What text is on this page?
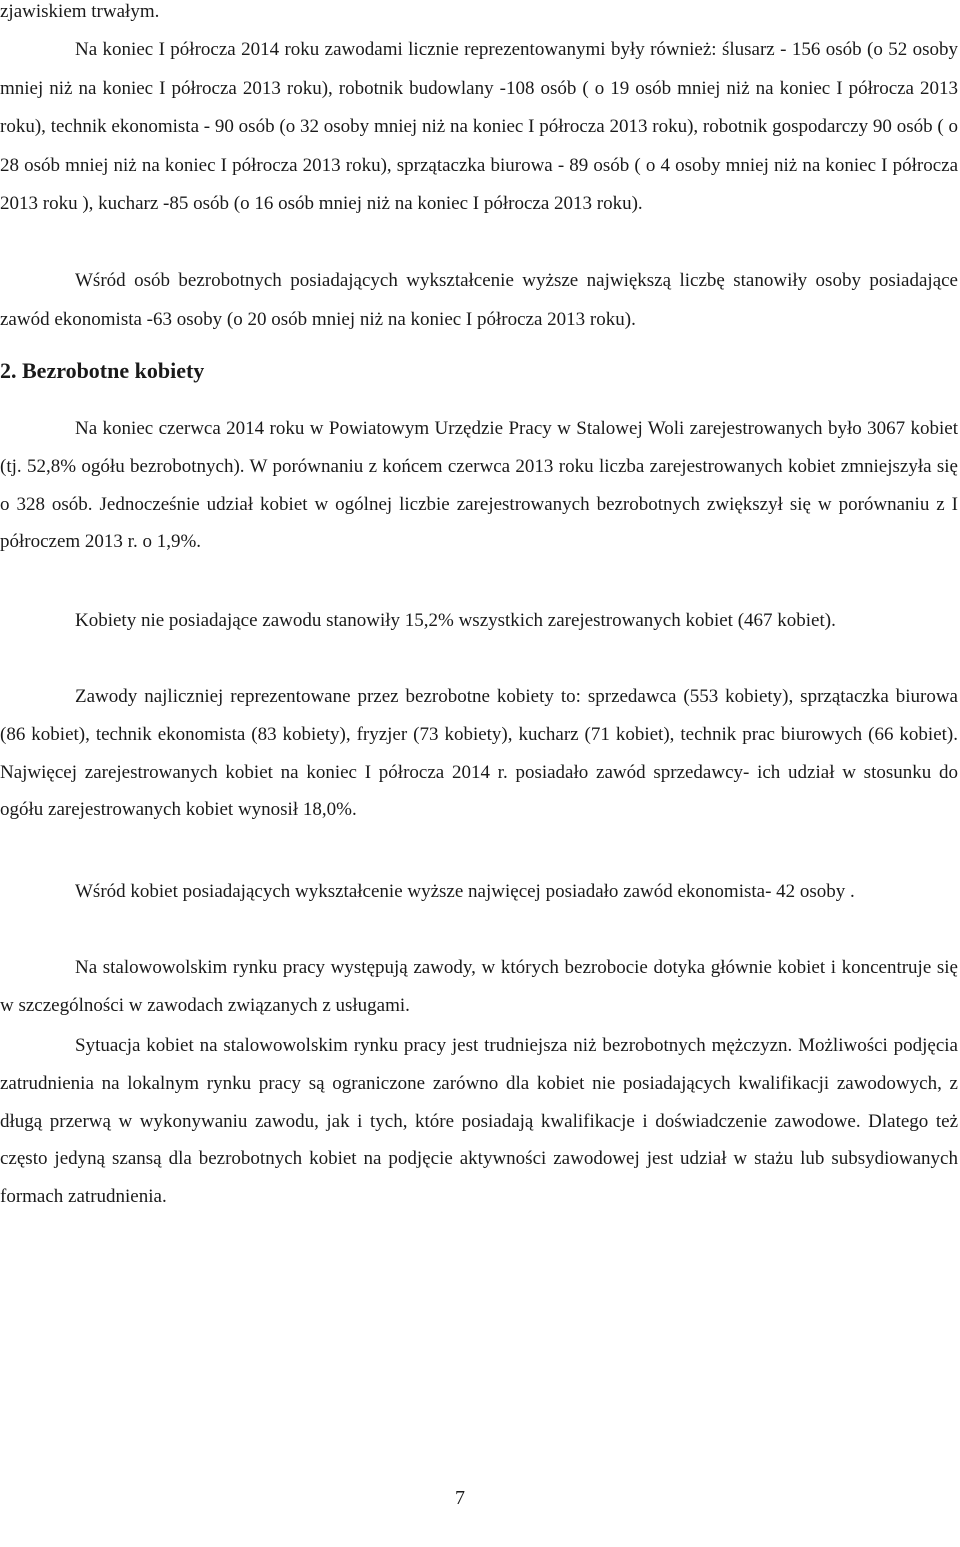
zjawiskiem trwałym.

Na koniec I półrocza 2014 roku zawodami licznie reprezentowanymi były również: ślusarz - 156 osób (o 52 osoby mniej niż na koniec I półrocza 2013 roku), robotnik budowlany -108 osób ( o 19 osób mniej niż na koniec I półrocza 2013 roku), technik ekonomista - 90 osób (o 32 osoby mniej niż na koniec I półrocza 2013 roku), robotnik gospodarczy 90 osób ( o 28 osób mniej niż na koniec I półrocza 2013 roku), sprzątaczka biurowa - 89 osób ( o 4 osoby mniej niż na koniec I półrocza 2013 roku ), kucharz -85 osób (o 16 osób mniej niż na koniec I półrocza 2013 roku).

Wśród osób bezrobotnych posiadających wykształcenie wyższe największą liczbę stanowiły osoby posiadające zawód ekonomista -63 osoby (o 20 osób mniej niż na koniec I półrocza 2013 roku).

2. Bezrobotne kobiety

Na koniec czerwca 2014 roku w Powiatowym Urzędzie Pracy w Stalowej Woli zarejestrowanych było 3067 kobiet (tj. 52,8% ogółu bezrobotnych). W porównaniu z końcem czerwca 2013 roku liczba zarejestrowanych kobiet zmniejszyła się o 328 osób. Jednocześnie udział kobiet w ogólnej liczbie zarejestrowanych bezrobotnych zwiększył się w porównaniu z I półroczem 2013 r. o 1,9%.

Kobiety nie posiadające zawodu stanowiły 15,2% wszystkich zarejestrowanych kobiet (467 kobiet).

Zawody najliczniej reprezentowane przez bezrobotne kobiety to: sprzedawca (553 kobiety), sprzątaczka biurowa (86 kobiet), technik ekonomista (83 kobiety), fryzjer (73 kobiety), kucharz (71 kobiet), technik prac biurowych (66 kobiet). Najwięcej zarejestrowanych kobiet na koniec I półrocza 2014 r. posiadało zawód sprzedawcy- ich udział w stosunku do ogółu zarejestrowanych kobiet wynosił 18,0%.

Wśród kobiet posiadających wykształcenie wyższe najwięcej posiadało zawód ekonomista- 42 osoby .

Na stalowowolskim rynku pracy występują zawody, w których bezrobocie dotyka głównie kobiet i koncentruje się w szczególności w zawodach związanych z usługami.

Sytuacja kobiet na stalowowolskim rynku pracy jest trudniejsza niż bezrobotnych mężczyzn. Możliwości podjęcia zatrudnienia na lokalnym rynku pracy są ograniczone zarówno dla kobiet nie posiadających kwalifikacji zawodowych, z długą przerwą w wykonywaniu zawodu, jak i tych, które posiadają kwalifikacje i doświadczenie zawodowe. Dlatego też często jedyną szansą dla bezrobotnych kobiet na podjęcie aktywności zawodowej jest udział w stażu lub subsydiowanych formach zatrudnienia.

7
